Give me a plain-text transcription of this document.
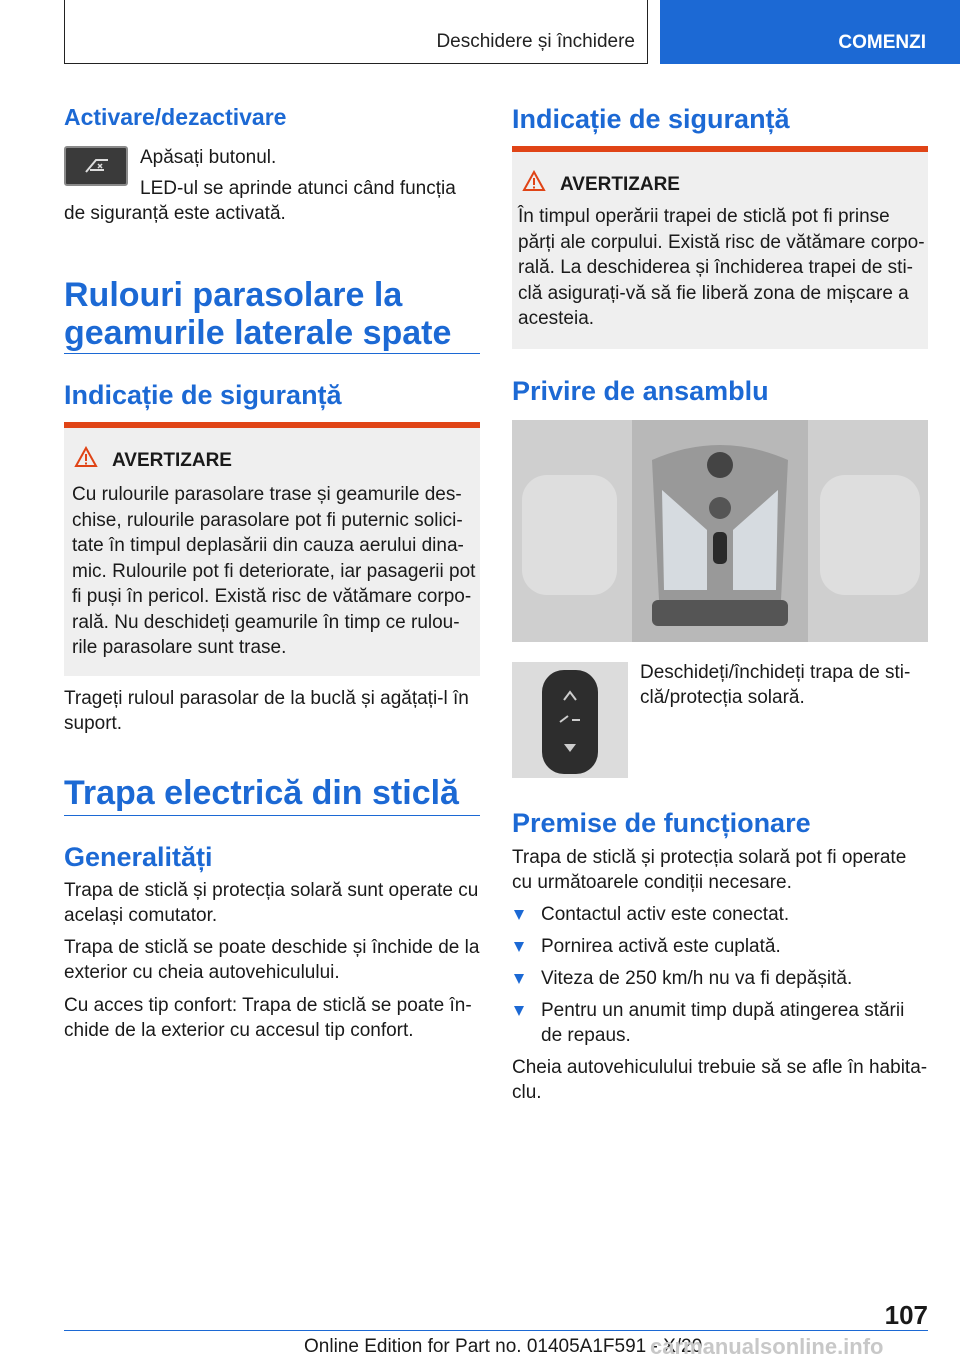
Deschidere și închidere	COMENZI
Activare/dezactivare

Apăsați butonul.

LED-ul se aprinde atunci când funcția

de siguranță este activată.

Rulouri parasolare la geamurile laterale spate
Indicație de siguranță
AVERTIZARE
Cu rulourile parasolare trase și geamurile des-chise, rulourile parasolare pot fi puternic solici-tate în timpul deplasării din cauza aerului dina-mic. Rulourile pot fi deteriorate, iar pasagerii pot fi puși în pericol. Există risc de vătămare corpo-rală. Nu deschideți geamurile în timp ce rulou-rile parasolare sunt trase.

Trageți ruloul parasolar de la buclă și agățați-l în suport.

Trapa electrică din sticlă
Generalități

Trapa de sticlă și protecția solară sunt operate cu același comutator.

Trapa de sticlă se poate deschide și închide de la exterior cu cheia autovehiculului.

Cu acces tip confort: Trapa de sticlă se poate în-chide de la exterior cu accesul tip confort.

Indicație de siguranță
AVERTIZARE
În timpul operării trapei de sticlă pot fi prinse părți ale corpului. Există risc de vătămare corpo-rală. La deschiderea și închiderea trapei de sti-clă asigurați-vă să fie liberă zona de mișcare a acesteia.
Privire de ansamblu

Deschideți/închideți trapa de sti-clă/protecția solară.

Premise de funcționare

Trapa de sticlă și protecția solară pot fi operate cu următoarele condiții necesare.

Contactul activ este conectat.

Pornirea activă este cuplată.

Viteza de 250 km/h nu va fi depășită.

Pentru un anumit timp după atingerea stării de repaus.

Cheia autovehiculului trebuie să se afle în habita-clu.

107
Online Edition for Part no. 01405A1F591 - X/20
carmanualsonline.info
